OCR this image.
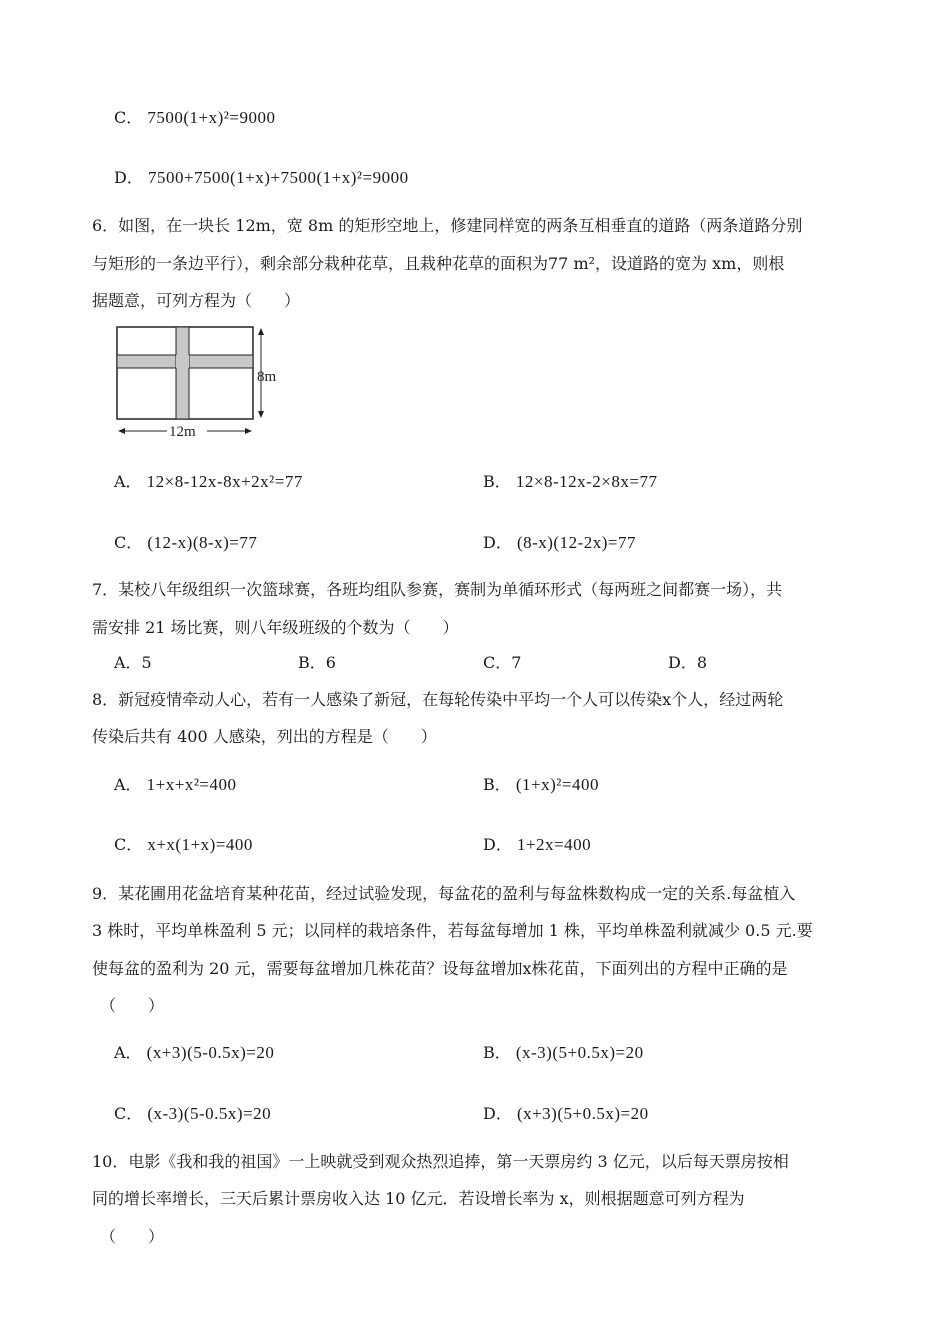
C． 7500(1+x)²=9000
D． 7500+7500(1+x)+7500(1+x)²=9000
6．如图，在一块长 12m，宽 8m 的矩形空地上，修建同样宽的两条互相垂直的道路（两条道路分别
与矩形的一条边平行），剩余部分栽种花草，且栽种花草的面积为77 m²，设道路的宽为 xm，则根
据题意，可列方程为（　　）
8m
12m
A． 12×8-12x-8x+2x²=77	B． 12×8-12x-2×8x=77
C． (12-x)(8-x)=77	D． (8-x)(12-2x)=77
7．某校八年级组织一次篮球赛，各班均组队参赛，赛制为单循环形式（每两班之间都赛一场），共
需安排 21 场比赛，则八年级班级的个数为（　　）
A．5	B．6	C．7	D．8
8．新冠疫情牵动人心，若有一人感染了新冠，在每轮传染中平均一个人可以传染x个人，经过两轮
传染后共有 400 人感染，列出的方程是（　　）
A． 1+x+x²=400	B． (1+x)²=400
C． x+x(1+x)=400	D． 1+2x=400
9．某花圃用花盆培育某种花苗，经过试验发现，每盆花的盈利与每盆株数构成一定的关系.每盆植入
3 株时，平均单株盈利 5 元；以同样的栽培条件，若每盆每增加 1 株，平均单株盈利就减少 0.5 元.要
使每盆的盈利为 20 元，需要每盆增加几株花苗？设每盆增加x株花苗，下面列出的方程中正确的是
（　　）
A． (x+3)(5-0.5x)=20	B． (x-3)(5+0.5x)=20
C． (x-3)(5-0.5x)=20	D． (x+3)(5+0.5x)=20
10．电影《我和我的祖国》一上映就受到观众热烈追捧，第一天票房约 3 亿元，以后每天票房按相
同的增长率增长，三天后累计票房收入达 10 亿元．若设增长率为 x，则根据题意可列方程为
（　　）
